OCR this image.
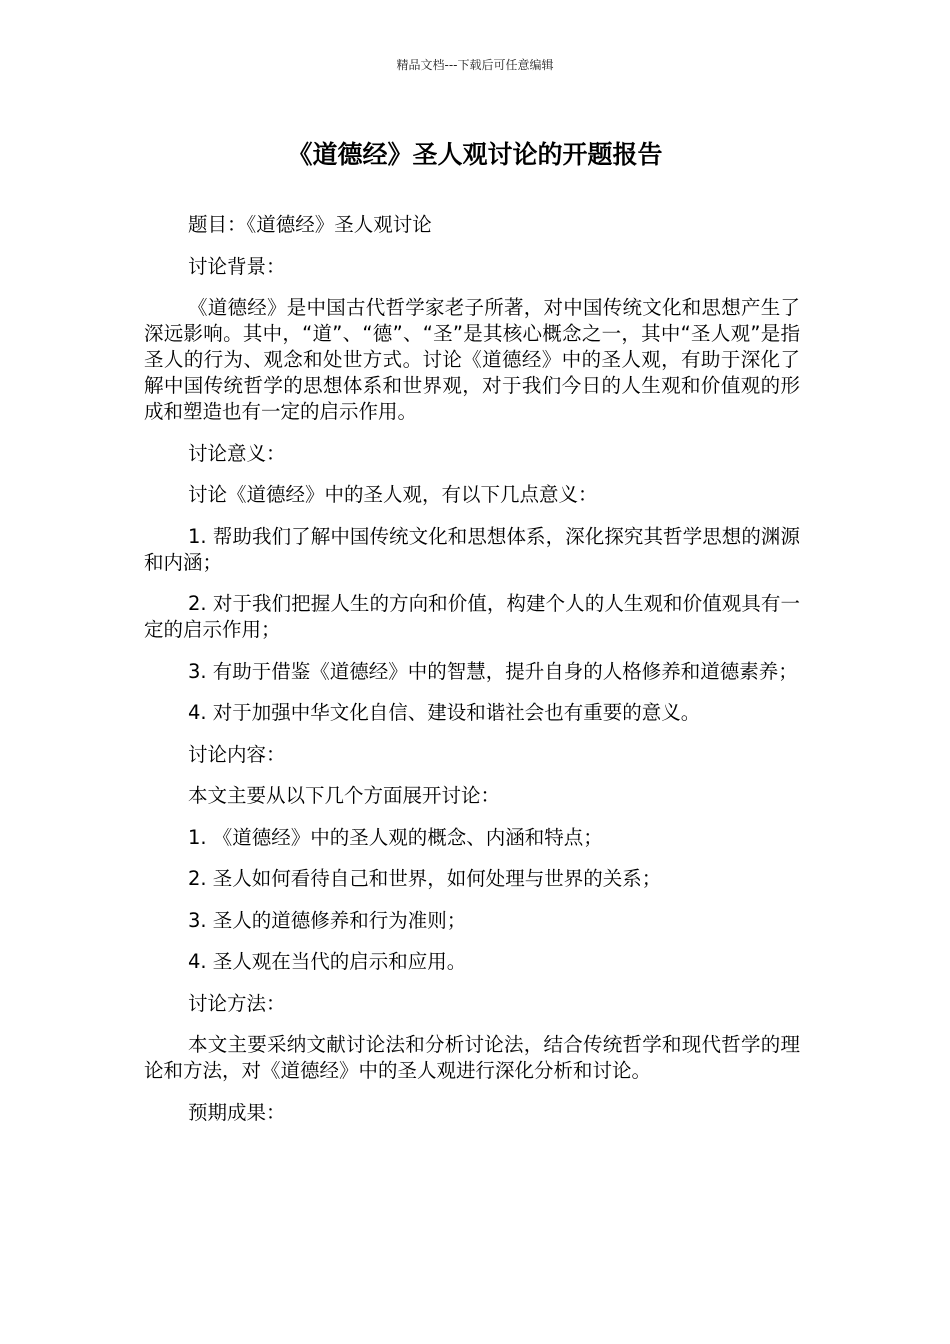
精品文档---下载后可任意编辑
《道德经》圣人观讨论的开题报告

题目：《道德经》圣人观讨论

讨论背景：

《道德经》是中国古代哲学家老子所著，对中国传统文化和思想产生了深远影响。其中，“道”、“德”、“圣”是其核心概念之一，其中“圣人观”是指圣人的行为、观念和处世方式。讨论《道德经》中的圣人观，有助于深化了解中国传统哲学的思想体系和世界观，对于我们今日的人生观和价值观的形成和塑造也有一定的启示作用。

讨论意义：

讨论《道德经》中的圣人观，有以下几点意义：

1. 帮助我们了解中国传统文化和思想体系，深化探究其哲学思想的渊源和内涵；

2. 对于我们把握人生的方向和价值，构建个人的人生观和价值观具有一定的启示作用；

3. 有助于借鉴《道德经》中的智慧，提升自身的人格修养和道德素养；

4. 对于加强中华文化自信、建设和谐社会也有重要的意义。

讨论内容：

本文主要从以下几个方面展开讨论：

1. 《道德经》中的圣人观的概念、内涵和特点；

2. 圣人如何看待自己和世界，如何处理与世界的关系；

3. 圣人的道德修养和行为准则；

4. 圣人观在当代的启示和应用。

讨论方法：

本文主要采纳文献讨论法和分析讨论法，结合传统哲学和现代哲学的理论和方法，对《道德经》中的圣人观进行深化分析和讨论。

预期成果：
